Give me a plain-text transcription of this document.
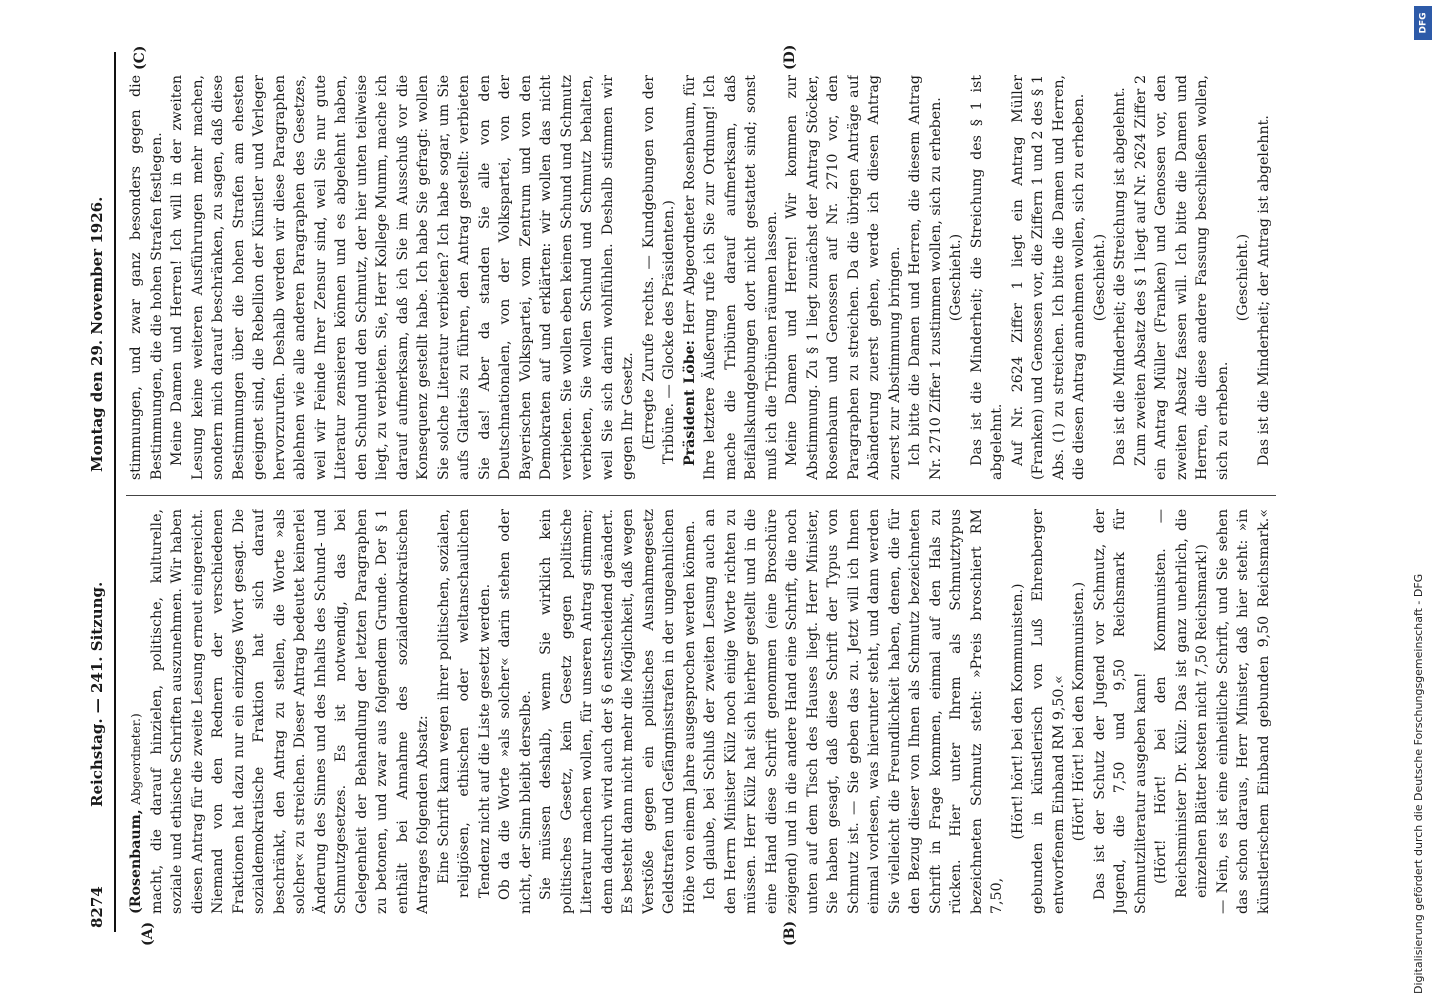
8274
Reichstag. — 241. Sitzung.
Montag den 29. November 1926.
(A)	(B)
(C)	(D)

(Rosenbaum, Abgeordneter.) macht, die darauf hinzielen, politische, kulturelle, soziale und ethische Schriften auszunehmen. Wir haben diesen Antrag für die zweite Lesung erneut eingereicht. Niemand von den Rednern der verschiedenen Fraktionen hat dazu nur ein einziges Wort gesagt. Die sozialdemokratische Fraktion hat sich darauf beschränkt, den Antrag zu stellen, die Worte »als solcher« zu streichen. Dieser Antrag bedeutet keinerlei Änderung des Sinnes und des Inhalts des Schund- und Schmutzgesetzes. Es ist notwendig, das bei Gelegenheit der Behandlung der letzten Paragraphen zu betonen, und zwar aus folgendem Grunde. Der § 1 enthält bei Annahme des sozialdemokratischen Antrages folgenden Absatz: Eine Schrift kann wegen ihrer politischen, sozialen, religiösen, ethischen oder weltanschaulichen Tendenz nicht auf die Liste gesetzt werden. Ob da die Worte »als solcher« darin stehen oder nicht, der Sinn bleibt derselbe. Sie müssen deshalb, wenn Sie wirklich kein politisches Gesetz, kein Gesetz gegen politische Literatur machen wollen, für unseren Antrag stimmen; denn dadurch wird auch der § 6 entscheidend geändert. Es besteht dann nicht mehr die Möglichkeit, daß wegen Verstöße gegen ein politisches Ausnahmegesetz Geldstrafen und Gefängnisstrafen in der ungeahnlichen Höhe von einem Jahre ausgesprochen werden können. Ich glaube, bei Schluß der zweiten Lesung auch an den Herrn Minister Külz noch einige Worte richten zu müssen. Herr Külz hat sich hierher gestellt und in die eine Hand diese Schrift genommen (eine Broschüre zeigend) und in die andere Hand eine Schrift, die noch unten auf dem Tisch des Hauses liegt. Herr Minister, Sie haben gesagt, daß diese Schrift der Typus von Schmutz ist. — Sie geben das zu. Jetzt will ich Ihnen einmal vorlesen, was hierunter steht, und dann werden Sie vielleicht die Freundlichkeit haben, denen, die für den Bezug dieser von Ihnen als Schmutz bezeichneten Schrift in Frage kommen, einmal auf den Hals zu rücken. Hier unter Ihrem als Schmutztypus bezeichneten Schmutz steht: »Preis broschiert RM 7,50,

(Hört! hört! bei den Kommunisten.) gebunden in künstlerisch von Luß Ehrenberger entworfenem Einband RM 9,50.« (Hört! Hört! bei den Kommunisten.) Das ist der Schutz der Jugend vor Schmutz, der Jugend, die 7,50 und 9,50 Reichsmark für Schmutzliteratur ausgeben kann! (Hört! Hört! bei den Kommunisten. — Reichsminister Dr. Külz: Das ist ganz unehrlich, die einzelnen Blätter kosten nicht 7,50 Reichsmark!)

— Nein, es ist eine einheitliche Schrift, und Sie sehen das schon daraus, Herr Minister, daß hier steht: »in künstlerischem Einband gebunden 9,50 Reichsmark.«

stimmungen, und zwar ganz besonders gegen die Bestimmungen, die die hohen Strafen festlegen. Meine Damen und Herren! Ich will in der zweiten Lesung keine weiteren Ausführungen mehr machen, sondern mich darauf beschränken, zu sagen, daß diese Bestimmungen über die hohen Strafen am ehesten geeignet sind, die Rebellion der Künstler und Verleger hervorzurufen. Deshalb werden wir diese Paragraphen ablehnen wie alle anderen Paragraphen des Gesetzes, weil wir Feinde Ihrer Zensur sind, weil Sie nur gute Literatur zensieren können und es abgelehnt haben, den Schund und den Schmutz, der hier unten teilweise liegt, zu verbieten. Sie, Herr Kollege Mumm, mache ich darauf aufmerksam, daß ich Sie im Ausschuß vor die Konsequenz gestellt habe. Ich habe Sie gefragt: wollen Sie solche Literatur verbieten? Ich habe sogar, um Sie aufs Glatteis zu führen, den Antrag gestellt: verbieten Sie das! Aber da standen Sie alle von den Deutschnationalen, von der Volkspartei, von der Bayerischen Volkspartei, vom Zentrum und von den Demokraten auf und erklärten: wir wollen das nicht verbieten. Sie wollen eben keinen Schund und Schmutz verbieten, Sie wollen Schund und Schmutz behalten, weil Sie sich darin wohlfühlen. Deshalb stimmen wir gegen Ihr Gesetz. (Erregte Zurufe rechts. — Kundgebungen von der Tribüne. — Glocke des Präsidenten.) Präsident Löbe: Herr Abgeordneter Rosenbaum, für Ihre letztere Äußerung rufe ich Sie zur Ordnung! Ich mache die Tribünen darauf aufmerksam, daß Beifallskundgebungen dort nicht gestattet sind; sonst muß ich die Tribünen räumen lassen. Meine Damen und Herren! Wir kommen zur Abstimmung. Zu § 1 liegt zunächst der Antrag Stöcker, Rosenbaum und Genossen auf Nr. 2710 vor, den Paragraphen zu streichen. Da die übrigen Anträge auf Abänderung zuerst gehen, werde ich diesen Antrag zuerst zur Abstimmung bringen. Ich bitte die Damen und Herren, die diesem Antrag Nr. 2710 Ziffer 1 zustimmen wollen, sich zu erheben. (Geschieht.) Das ist die Minderheit; die Streichung des § 1 ist abgelehnt. Auf Nr. 2624 Ziffer 1 liegt ein Antrag Müller (Franken) und Genossen vor, die Ziffern 1 und 2 des § 1 Abs. (1) zu streichen. Ich bitte die Damen und Herren, die diesen Antrag annehmen wollen, sich zu erheben. (Geschieht.) Das ist die Minderheit; die Streichung ist abgelehnt. Zum zweiten Absatz des § 1 liegt auf Nr. 2624 Ziffer 2 ein Antrag Müller (Franken) und Genossen vor, den zweiten Absatz fassen will. Ich bitte die Damen und Herren, die diese andere Fassung beschließen wollen, sich zu erheben.

(Geschieht.) Das ist die Minderheit; der Antrag ist abgelehnt.

Digitalisierung gefördert durch die Deutsche Forschungsgemeinschaft - DFG
DFG
